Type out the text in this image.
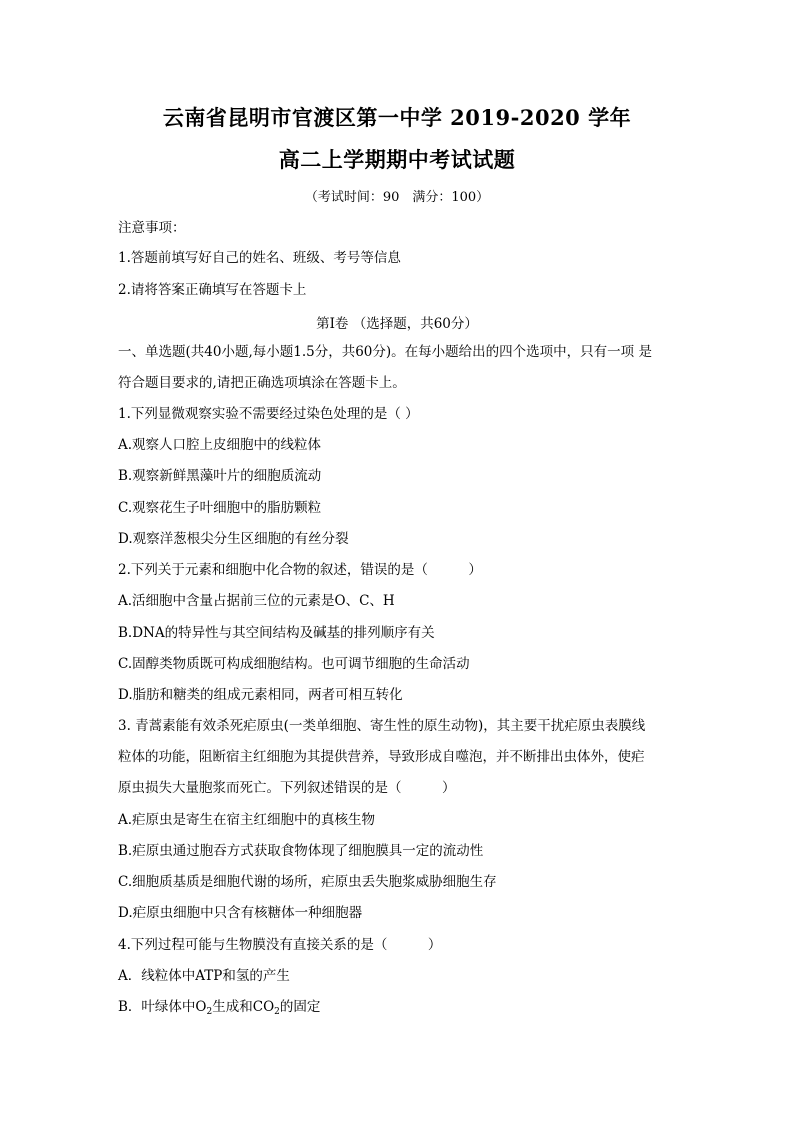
云南省昆明市官渡区第一中学 2019-2020 学年
高二上学期期中考试试题
（考试时间：90　满分：100）
注意事项：
1.答题前填写好自己的姓名、班级、考号等信息
2.请将答案正确填写在答题卡上
第I卷 （选择题，共60分）
一、单选题(共40小题,每小题1.5分，共60分)。在每小题给出的四个选项中，只有一项 是
符合题目要求的,请把正确选项填涂在答题卡上。
1.下列显微观察实验不需要经过染色处理的是（ ）
A.观察人口腔上皮细胞中的线粒体
B.观察新鲜黑藻叶片的细胞质流动
C.观察花生子叶细胞中的脂肪颗粒
D.观察洋葱根尖分生区细胞的有丝分裂
2.下列关于元素和细胞中化合物的叙述，错误的是（　　　）
A.活细胞中含量占据前三位的元素是O、C、H
B.DNA的特异性与其空间结构及碱基的排列顺序有关
C.固醇类物质既可构成细胞结构。也可调节细胞的生命活动
D.脂肪和糖类的组成元素相同，两者可相互转化
3. 青蒿素能有效杀死疟原虫(一类单细胞、寄生性的原生动物)，其主要干扰疟原虫表膜线
粒体的功能，阻断宿主红细胞为其提供营养，导致形成自噬泡，并不断排出虫体外，使疟
原虫损失大量胞浆而死亡。下列叙述错误的是（　　　）
A.疟原虫是寄生在宿主红细胞中的真核生物
B.疟原虫通过胞吞方式获取食物体现了细胞膜具一定的流动性
C.细胞质基质是细胞代谢的场所，疟原虫丢失胞浆威胁细胞生存
D.疟原虫细胞中只含有核糖体一种细胞器
4.下列过程可能与生物膜没有直接关系的是（　　　）
A．线粒体中ATP和氢的产生
B．叶绿体中$O_2$生成和$CO_2$的固定
